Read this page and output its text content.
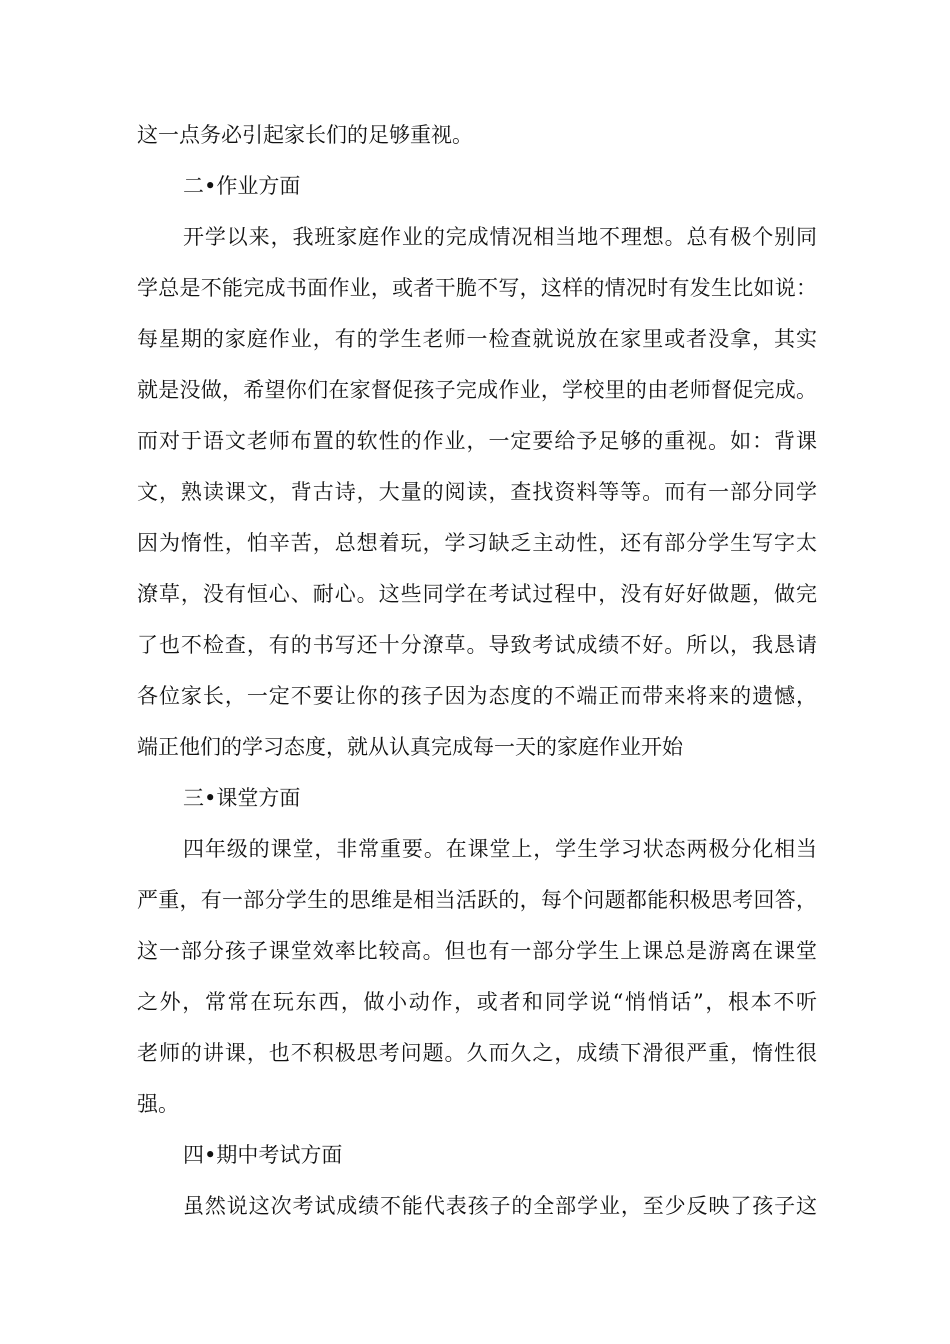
这一点务必引起家长们的足够重视。
二•作业方面
开学以来，我班家庭作业的完成情况相当地不理想。总有极个别同
学总是不能完成书面作业，或者干脆不写，这样的情况时有发生比如说：
每星期的家庭作业，有的学生老师一检查就说放在家里或者没拿，其实
就是没做，希望你们在家督促孩子完成作业，学校里的由老师督促完成。
而对于语文老师布置的软性的作业，一定要给予足够的重视。如：背课
文，熟读课文，背古诗，大量的阅读，查找资料等等。而有一部分同学
因为惰性，怕辛苦，总想着玩，学习缺乏主动性，还有部分学生写字太
潦草，没有恒心、耐心。这些同学在考试过程中，没有好好做题，做完
了也不检查，有的书写还十分潦草。导致考试成绩不好。所以，我恳请
各位家长，一定不要让你的孩子因为态度的不端正而带来将来的遗憾，
端正他们的学习态度，就从认真完成每一天的家庭作业开始
三•课堂方面
四年级的课堂，非常重要。在课堂上，学生学习状态两极分化相当
严重，有一部分学生的思维是相当活跃的，每个问题都能积极思考回答，
这一部分孩子课堂效率比较高。但也有一部分学生上课总是游离在课堂
之外，常常在玩东西，做小动作，或者和同学说“悄悄话”，根本不听
老师的讲课，也不积极思考问题。久而久之，成绩下滑很严重，惰性很
强。
四•期中考试方面
虽然说这次考试成绩不能代表孩子的全部学业，至少反映了孩子这
